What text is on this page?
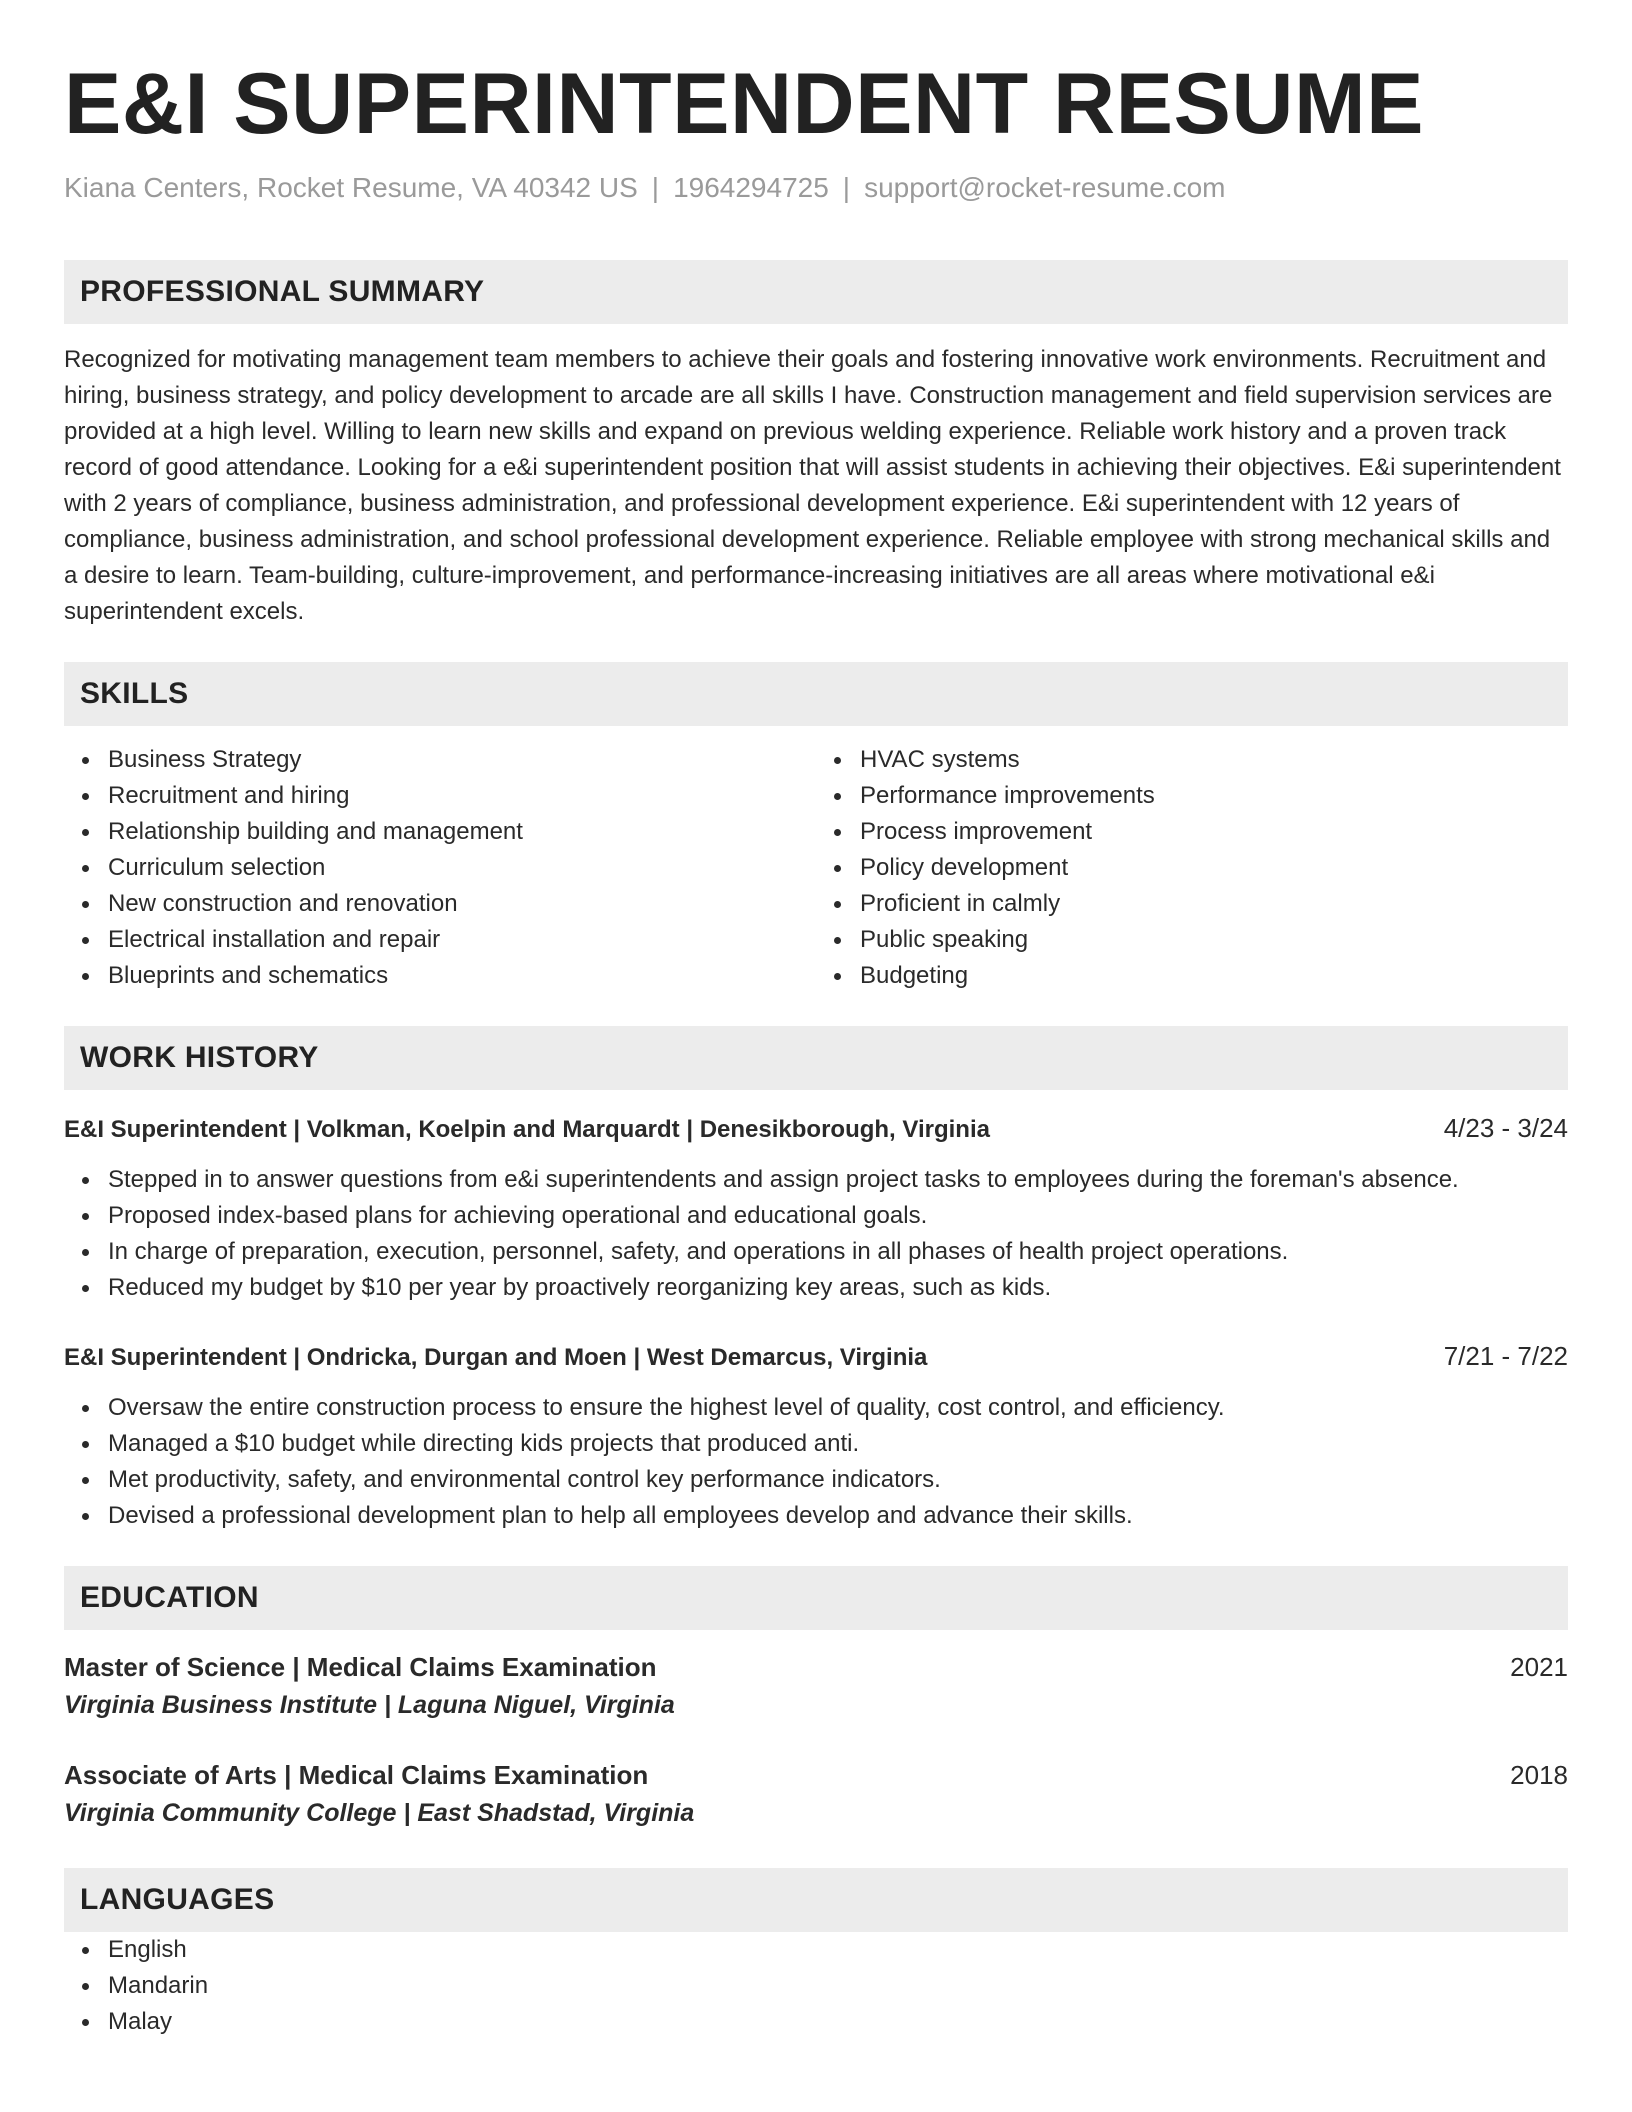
E&I SUPERINTENDENT RESUME
Kiana Centers, Rocket Resume, VA 40342 US | 1964294725 | support@rocket-resume.com
PROFESSIONAL SUMMARY

Recognized for motivating management team members to achieve their goals and fostering innovative work environments. Recruitment and hiring, business strategy, and policy development to arcade are all skills I have. Construction management and field supervision services are provided at a high level. Willing to learn new skills and expand on previous welding experience. Reliable work history and a proven track record of good attendance. Looking for a e&i superintendent position that will assist students in achieving their objectives. E&i superintendent with 2 years of compliance, business administration, and professional development experience. E&i superintendent with 12 years of compliance, business administration, and school professional development experience. Reliable employee with strong mechanical skills and a desire to learn. Team-building, culture-improvement, and performance-increasing initiatives are all areas where motivational e&i superintendent excels.

SKILLS
Business Strategy
Recruitment and hiring
Relationship building and management
Curriculum selection
New construction and renovation
Electrical installation and repair
Blueprints and schematics
HVAC systems
Performance improvements
Process improvement
Policy development
Proficient in calmly
Public speaking
Budgeting
WORK HISTORY
E&I Superintendent | Volkman, Koelpin and Marquardt | Denesikborough, Virginia	4/23 - 3/24
Stepped in to answer questions from e&i superintendents and assign project tasks to employees during the foreman's absence.
Proposed index-based plans for achieving operational and educational goals.
In charge of preparation, execution, personnel, safety, and operations in all phases of health project operations.
Reduced my budget by $10 per year by proactively reorganizing key areas, such as kids.
E&I Superintendent | Ondricka, Durgan and Moen | West Demarcus, Virginia	7/21 - 7/22
Oversaw the entire construction process to ensure the highest level of quality, cost control, and efficiency.
Managed a $10 budget while directing kids projects that produced anti.
Met productivity, safety, and environmental control key performance indicators.
Devised a professional development plan to help all employees develop and advance their skills.
EDUCATION
Master of Science | Medical Claims Examination	2021
Virginia Business Institute | Laguna Niguel, Virginia
Associate of Arts | Medical Claims Examination	2018
Virginia Community College | East Shadstad, Virginia
LANGUAGES
English
Mandarin
Malay
